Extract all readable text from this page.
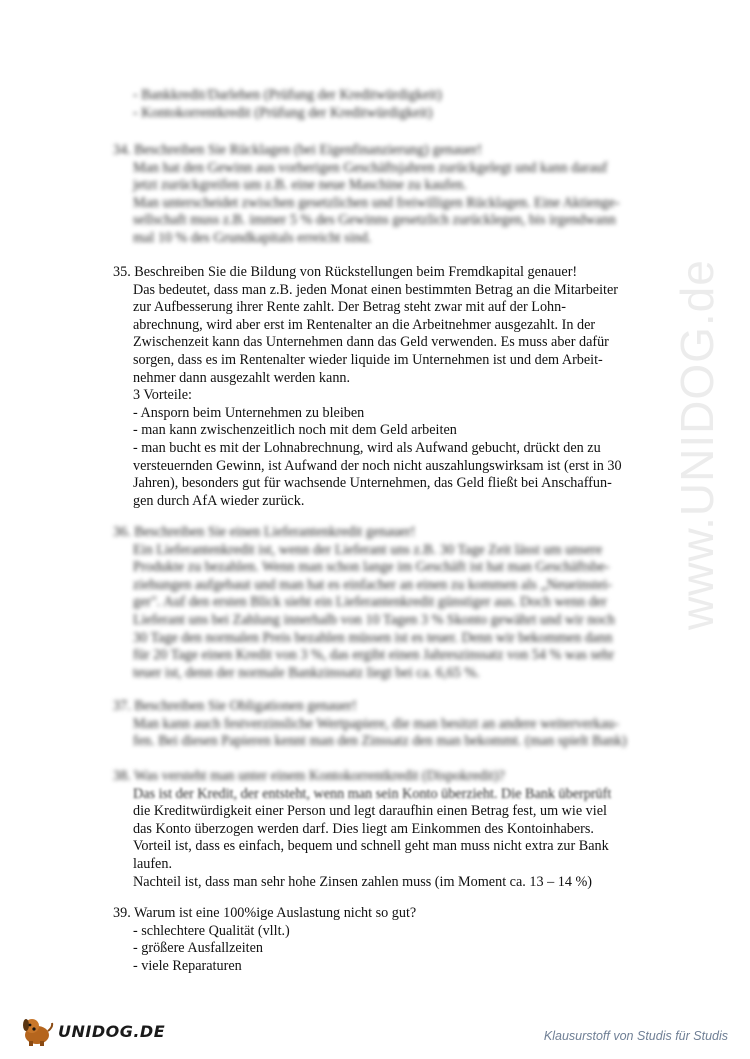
www.UNIDOG.de
- Bankkredit/Darlehen (Prüfung der Kreditwürdigkeit)
- Kontokorrentkredit (Prüfung der Kreditwürdigkeit)
34. Beschreiben Sie Rücklagen (bei Eigenfinanzierung) genauer!
Man hat den Gewinn aus vorherigen Geschäftsjahren zurückgelegt und kann darauf
jetzt zurückgreifen um z.B. eine neue Maschine zu kaufen.
Man unterscheidet zwischen gesetzlichen und freiwilligen Rücklagen. Eine Aktienge-
sellschaft muss z.B. immer 5 % des Gewinns gesetzlich zurücklegen, bis irgendwann
mal 10 % des Grundkapitals erreicht sind.
35. Beschreiben Sie die Bildung von Rückstellungen beim Fremdkapital genauer!
Das bedeutet, dass man z.B. jeden Monat einen bestimmten Betrag an die Mitarbeiter
zur Aufbesserung ihrer Rente zahlt. Der Betrag steht zwar mit auf der Lohn-
abrechnung, wird aber erst im Rentenalter an die Arbeitnehmer ausgezahlt. In der
Zwischenzeit kann das Unternehmen dann das Geld verwenden. Es muss aber dafür
sorgen, dass es im Rentenalter wieder liquide im Unternehmen ist und dem Arbeit-
nehmer dann ausgezahlt werden kann.
3 Vorteile:
- Ansporn beim Unternehmen zu bleiben
- man kann zwischenzeitlich noch mit dem Geld arbeiten
- man bucht es mit der Lohnabrechnung, wird als Aufwand gebucht, drückt den zu
versteuernden Gewinn, ist Aufwand der noch nicht auszahlungswirksam ist (erst in 30
Jahren), besonders gut für wachsende Unternehmen, das Geld fließt bei Anschaffun-
gen durch AfA wieder zurück.
36. Beschreiben Sie einen Lieferantenkredit genauer!
Ein Lieferantenkredit ist, wenn der Lieferant uns z.B. 30 Tage Zeit lässt um unsere
Produkte zu bezahlen. Wenn man schon lange im Geschäft ist hat man Geschäftsbe-
ziehungen aufgebaut und man hat es einfacher an einen zu kommen als „Neueinstei-
ger". Auf den ersten Blick sieht ein Lieferantenkredit günstiger aus. Doch wenn der
Lieferant uns bei Zahlung innerhalb von 10 Tagen 3 % Skonto gewährt und wir noch
30 Tage den normalen Preis bezahlen müssen ist es teuer. Denn wir bekommen dann
für 20 Tage einen Kredit von 3 %, das ergibt einen Jahreszinssatz von 54 % was sehr
teuer ist, denn der normale Bankzinssatz liegt bei ca. 6,65 %.
37. Beschreiben Sie Obligationen genauer!
Man kann auch festverzinsliche Wertpapiere, die man besitzt an andere weiterverkau-
fen. Bei diesen Papieren kennt man den Zinssatz den man bekommt. (man spielt Bank)
38. Was versteht man unter einem Kontokorrentkredit (Dispokredit)?
Das ist der Kredit, der entsteht, wenn man sein Konto überzieht. Die Bank überprüft
die Kreditwürdigkeit einer Person und legt daraufhin einen Betrag fest, um wie viel
das Konto überzogen werden darf. Dies liegt am Einkommen des Kontoinhabers.
Vorteil ist, dass es einfach, bequem und schnell geht man muss nicht extra zur Bank
laufen.
Nachteil ist, dass man sehr hohe Zinsen zahlen muss (im Moment ca. 13 – 14 %)
39. Warum ist eine 100%ige Auslastung nicht so gut?
- schlechtere Qualität (vllt.)
- größere Ausfallzeiten
- viele Reparaturen
UNIDOG.DE	Klausurstoff von Studis für Studis
